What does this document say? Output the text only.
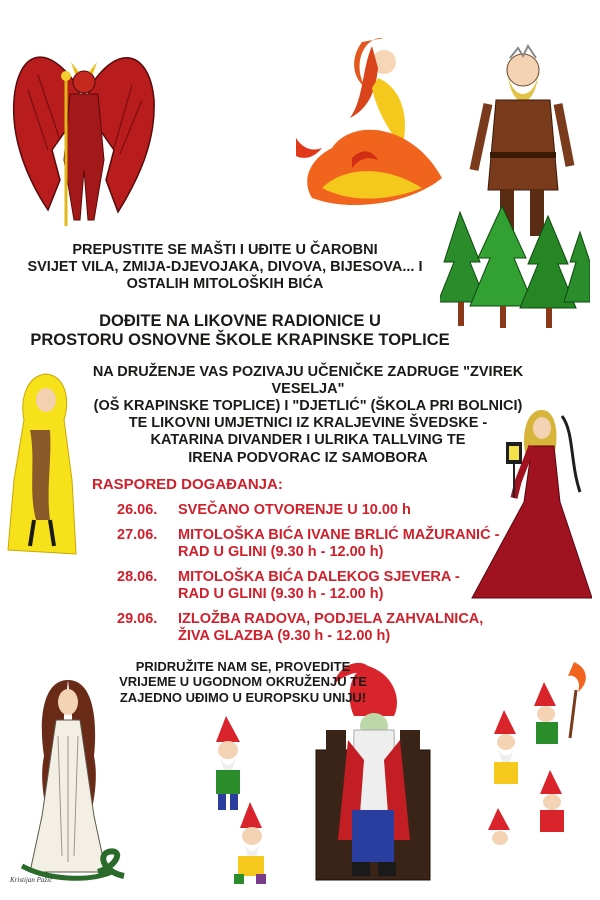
Kristijan Pažić
PREPUSTITE SE MAŠTI I UĐITE U ČAROBNI
SVIJET VILA, ZMIJA-DJEVOJAKA, DIVOVA, BIJESOVA... I
OSTALIH MITOLOŠKIH BIĆA
DOĐITE NA LIKOVNE RADIONICE U
PROSTORU OSNOVNE ŠKOLE KRAPINSKE TOPLICE
NA DRUŽENJE VAS POZIVAJU UČENIČKE ZADRUGE "ZVIREK VESELJA"
(OŠ KRAPINSKE TOPLICE) I "DJETLIĆ" (ŠKOLA PRI BOLNICI)
TE LIKOVNI UMJETNICI IZ KRALJEVINE ŠVEDSKE -
KATARINA DIVANDER I ULRIKA TALLVING TE
IRENA PODVORAC IZ SAMOBORA
RASPORED DOGAĐANJA:
26.06.	SVEČANO OTVORENJE U 10.00 h
27.06.	MITOLOŠKA BIĆA IVANE BRLIĆ MAŽURANIĆ -
RAD U GLINI (9.30 h - 12.00 h)
28.06.	MITOLOŠKA BIĆA DALEKOG SJEVERA -
RAD U GLINI (9.30 h - 12.00 h)
29.06.	IZLOŽBA RADOVA, PODJELA ZAHVALNICA,
ŽIVA GLAZBA (9.30 h - 12.00 h)
PRIDRUŽITE NAM SE, PROVEDITE
VRIJEME U UGODNOM OKRUŽENJU TE
ZAJEDNO UĐIMO U EUROPSKU UNIJU!
